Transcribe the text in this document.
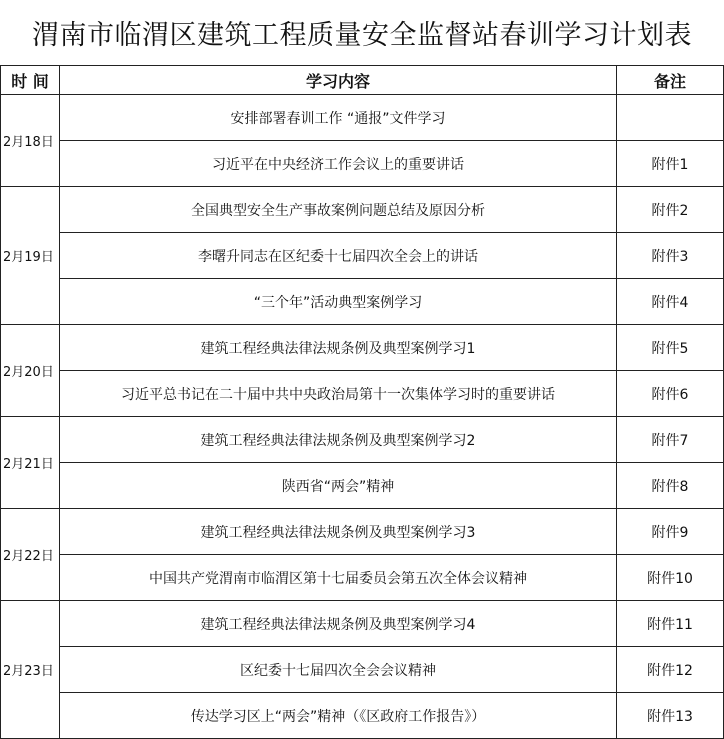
渭南市临渭区建筑工程质量安全监督站春训学习计划表
时 间	学习内容	备注
2月18日	安排部署春训工作 “通报”文件学习	
	习近平在中央经济工作会议上的重要讲话	附件1
2月19日	全国典型安全生产事故案例问题总结及原因分析	附件2
	李曙升同志在区纪委十七届四次全会上的讲话	附件3
	“三个年”活动典型案例学习	附件4
2月20日	建筑工程经典法律法规条例及典型案例学习1	附件5
	习近平总书记在二十届中共中央政治局第十一次集体学习时的重要讲话	附件6
2月21日	建筑工程经典法律法规条例及典型案例学习2	附件7
	陕西省“两会”精神	附件8
2月22日	建筑工程经典法律法规条例及典型案例学习3	附件9
	中国共产党渭南市临渭区第十七届委员会第五次全体会议精神	附件10
2月23日	建筑工程经典法律法规条例及典型案例学习4	附件11
	区纪委十七届四次全会会议精神	附件12
	传达学习区上“两会”精神（《区政府工作报告》）	附件13
